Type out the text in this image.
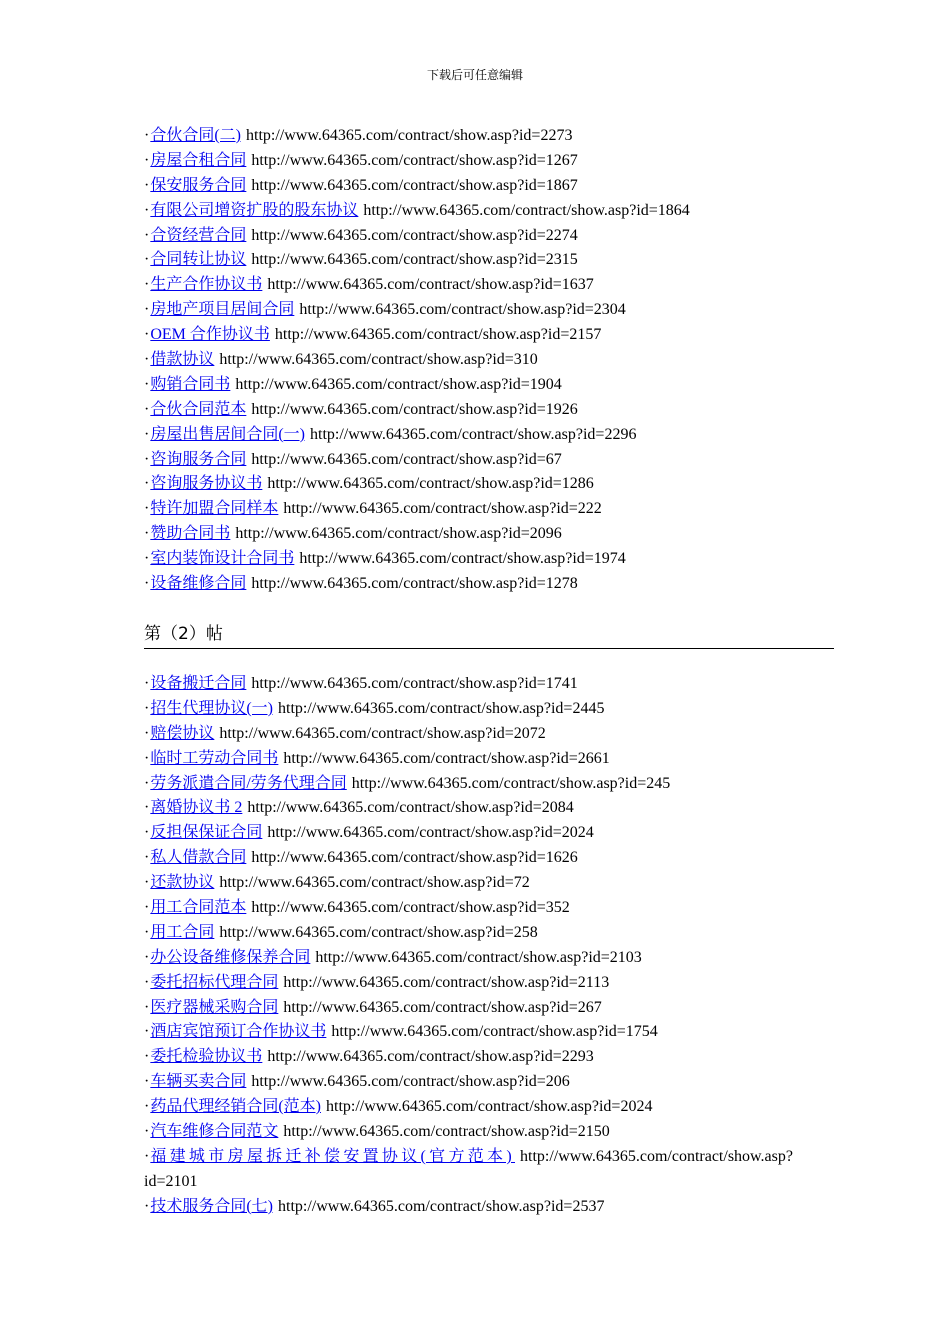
下载后可任意编辑
·合伙合同(二) http://www.64365.com/contract/show.asp?id=2273
·房屋合租合同 http://www.64365.com/contract/show.asp?id=1267
·保安服务合同 http://www.64365.com/contract/show.asp?id=1867
·有限公司增资扩股的股东协议 http://www.64365.com/contract/show.asp?id=1864
·合资经营合同 http://www.64365.com/contract/show.asp?id=2274
·合同转让协议 http://www.64365.com/contract/show.asp?id=2315
·生产合作协议书 http://www.64365.com/contract/show.asp?id=1637
·房地产项目居间合同 http://www.64365.com/contract/show.asp?id=2304
·OEM 合作协议书 http://www.64365.com/contract/show.asp?id=2157
·借款协议 http://www.64365.com/contract/show.asp?id=310
·购销合同书 http://www.64365.com/contract/show.asp?id=1904
·合伙合同范本 http://www.64365.com/contract/show.asp?id=1926
·房屋出售居间合同(一) http://www.64365.com/contract/show.asp?id=2296
·咨询服务合同 http://www.64365.com/contract/show.asp?id=67
·咨询服务协议书 http://www.64365.com/contract/show.asp?id=1286
·特许加盟合同样本 http://www.64365.com/contract/show.asp?id=222
·赞助合同书 http://www.64365.com/contract/show.asp?id=2096
·室内装饰设计合同书 http://www.64365.com/contract/show.asp?id=1974
·设备维修合同 http://www.64365.com/contract/show.asp?id=1278
第（2）帖
·设备搬迁合同 http://www.64365.com/contract/show.asp?id=1741
·招生代理协议(一) http://www.64365.com/contract/show.asp?id=2445
·赔偿协议 http://www.64365.com/contract/show.asp?id=2072
·临时工劳动合同书 http://www.64365.com/contract/show.asp?id=2661
·劳务派遣合同/劳务代理合同 http://www.64365.com/contract/show.asp?id=245
·离婚协议书 2 http://www.64365.com/contract/show.asp?id=2084
·反担保保证合同 http://www.64365.com/contract/show.asp?id=2024
·私人借款合同 http://www.64365.com/contract/show.asp?id=1626
·还款协议 http://www.64365.com/contract/show.asp?id=72
·用工合同范本 http://www.64365.com/contract/show.asp?id=352
·用工合同 http://www.64365.com/contract/show.asp?id=258
·办公设备维修保养合同 http://www.64365.com/contract/show.asp?id=2103
·委托招标代理合同 http://www.64365.com/contract/show.asp?id=2113
·医疗器械采购合同 http://www.64365.com/contract/show.asp?id=267
·酒店宾馆预订合作协议书 http://www.64365.com/contract/show.asp?id=1754
·委托检验协议书 http://www.64365.com/contract/show.asp?id=2293
·车辆买卖合同 http://www.64365.com/contract/show.asp?id=206
·药品代理经销合同(范本) http://www.64365.com/contract/show.asp?id=2024
·汽车维修合同范文 http://www.64365.com/contract/show.asp?id=2150
·福建城市房屋拆迁补偿安置协议(官方范本) http://www.64365.com/contract/show.asp?id=2101
·技术服务合同(七) http://www.64365.com/contract/show.asp?id=2537
